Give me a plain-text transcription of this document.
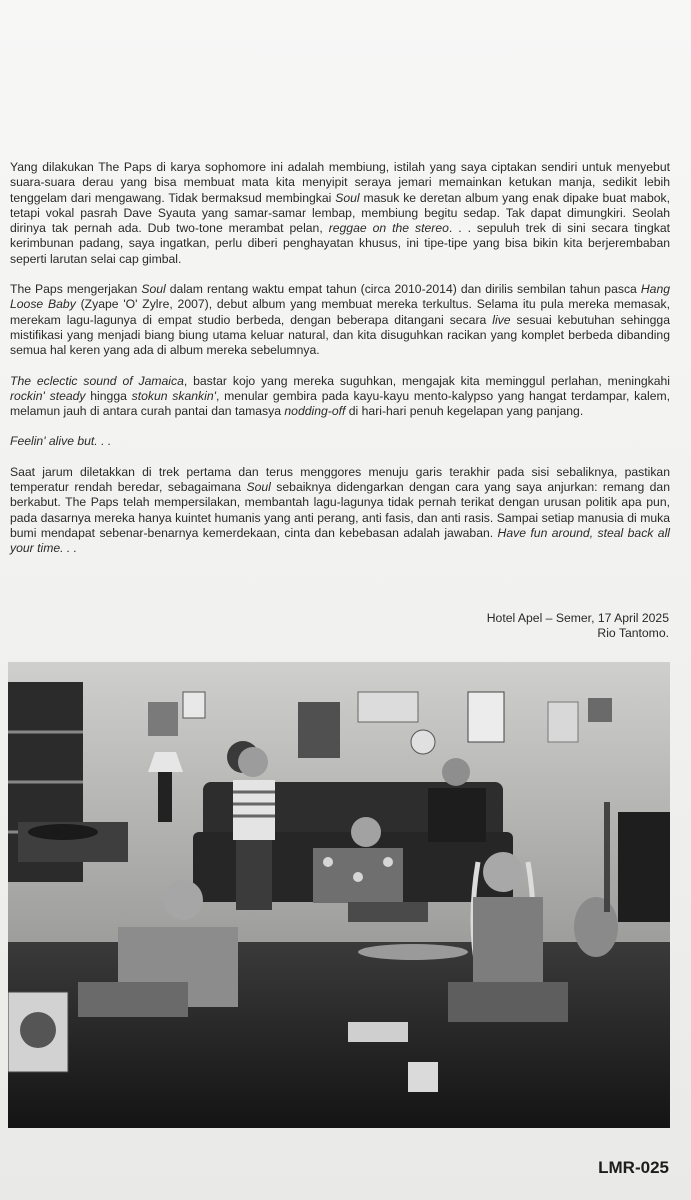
Yang dilakukan The Paps di karya sophomore ini adalah membiung, istilah yang saya ciptakan sendiri untuk menyebut suara-suara derau yang bisa membuat mata kita menyipit seraya jemari memainkan ketukan manja, sedikit lebih tenggelam dari mengawang. Tidak bermaksud membingkai Soul masuk ke deretan album yang enak dipake buat mabok, tetapi vokal pasrah Dave Syauta yang samar-samar lembap, membiung begitu sedap. Tak dapat dimungkiri. Seolah dirinya tak pernah ada. Dub two-tone merambat pelan, reggae on the stereo. . . sepuluh trek di sini secara tingkat kerimbunan padang, saya ingatkan, perlu diberi penghayatan khusus, ini tipe-tipe yang bisa bikin kita berjerembaban seperti larutan selai cap gimbal.

The Paps mengerjakan Soul dalam rentang waktu empat tahun (circa 2010-2014) dan dirilis sembilan tahun pasca Hang Loose Baby (Zyape 'O' Zylre, 2007), debut album yang membuat mereka terkultus. Selama itu pula mereka memasak, merekam lagu-lagunya di empat studio berbeda, dengan beberapa ditangani secara live sesuai kebutuhan sehingga mistifikasi yang menjadi biang biung utama keluar natural, dan kita disuguhkan racikan yang komplet berbeda dibanding semua hal keren yang ada di album mereka sebelumnya.

The eclectic sound of Jamaica, bastar kojo yang mereka suguhkan, mengajak kita meminggul perlahan, meningkahi rockin' steady hingga stokun skankin', menular gembira pada kayu-kayu mento-kalypso yang hangat terdampar, kalem, melamun jauh di antara curah pantai dan tamasya nodding-off di hari-hari penuh kegelapan yang panjang.

Feelin' alive but. . .

Saat jarum diletakkan di trek pertama dan terus menggores menuju garis terakhir pada sisi sebaliknya, pastikan temperatur rendah beredar, sebagaimana Soul sebaiknya didengarkan dengan cara yang saya anjurkan: remang dan berkabut. The Paps telah mempersilakan, membantah lagu-lagunya tidak pernah terikat dengan urusan politik apa pun, pada dasarnya mereka hanya kuintet humanis yang anti perang, anti fasis, dan anti rasis. Sampai setiap manusia di muka bumi mendapat sebenar-benarnya kemerdekaan, cinta dan kebebasan adalah jawaban. Have fun around, steal back all your time. . .

Hotel Apel – Semer, 17 April 2025
Rio Tantomo.
LMR-025
